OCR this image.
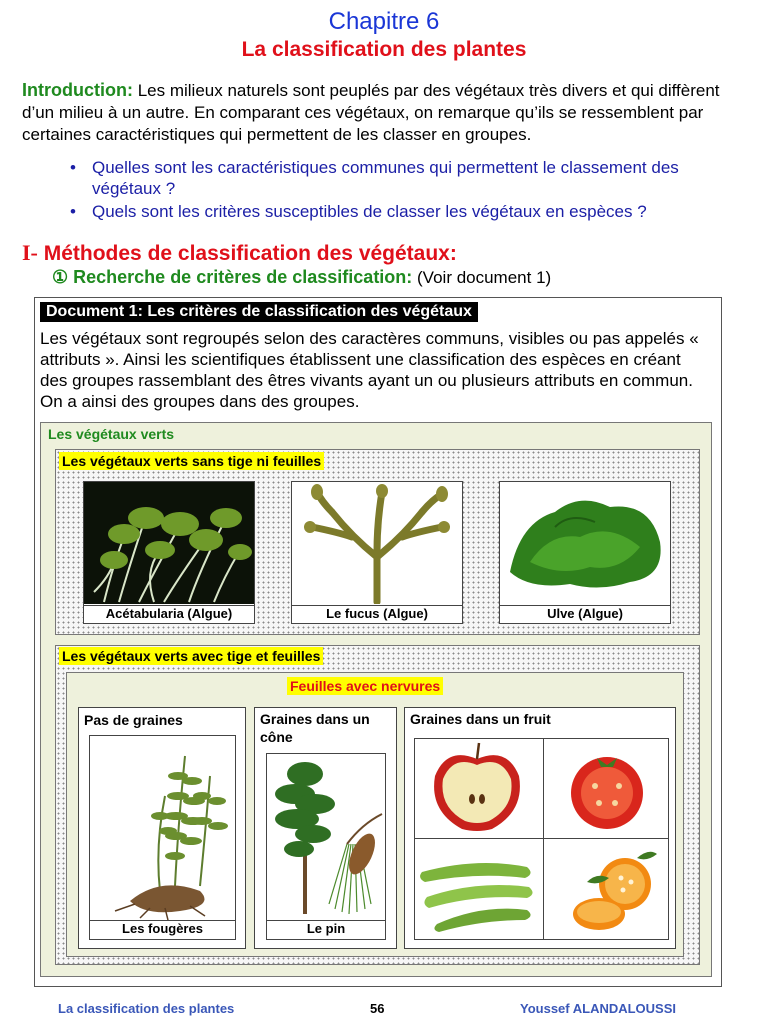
Chapitre 6
La classification des plantes
Introduction: Les milieux naturels sont peuplés par des végétaux très divers et qui diffèrent d’un milieu à un autre. En comparant ces végétaux, on remarque qu’ils se ressemblent par certaines caractéristiques qui permettent de les classer en groupes.
• Quelles sont les caractéristiques communes qui permettent le classement des végétaux ?
• Quels sont les critères susceptibles de classer les végétaux en espèces ?
I- Méthodes de classification des végétaux:
① Recherche de critères de classification: (Voir document 1)
Document 1: Les critères de classification des végétaux
Les végétaux sont regroupés selon des caractères communs, visibles ou pas appelés « attributs ». Ainsi les scientifiques établissent une classification des espèces en créant des groupes rassemblant des êtres vivants ayant un ou plusieurs attributs en commun. On a ainsi des groupes dans des groupes.
Les végétaux verts
Les végétaux verts sans tige ni feuilles
Acétabularia (Algue)	Le fucus (Algue)	Ulve (Algue)
Les végétaux verts avec tige et feuilles
Feuilles avec nervures
Pas de graines
Les fougères
Graines dans un cône
Le pin
Graines dans un fruit
La classification des plantes	56	Youssef ALANDALOUSSI
